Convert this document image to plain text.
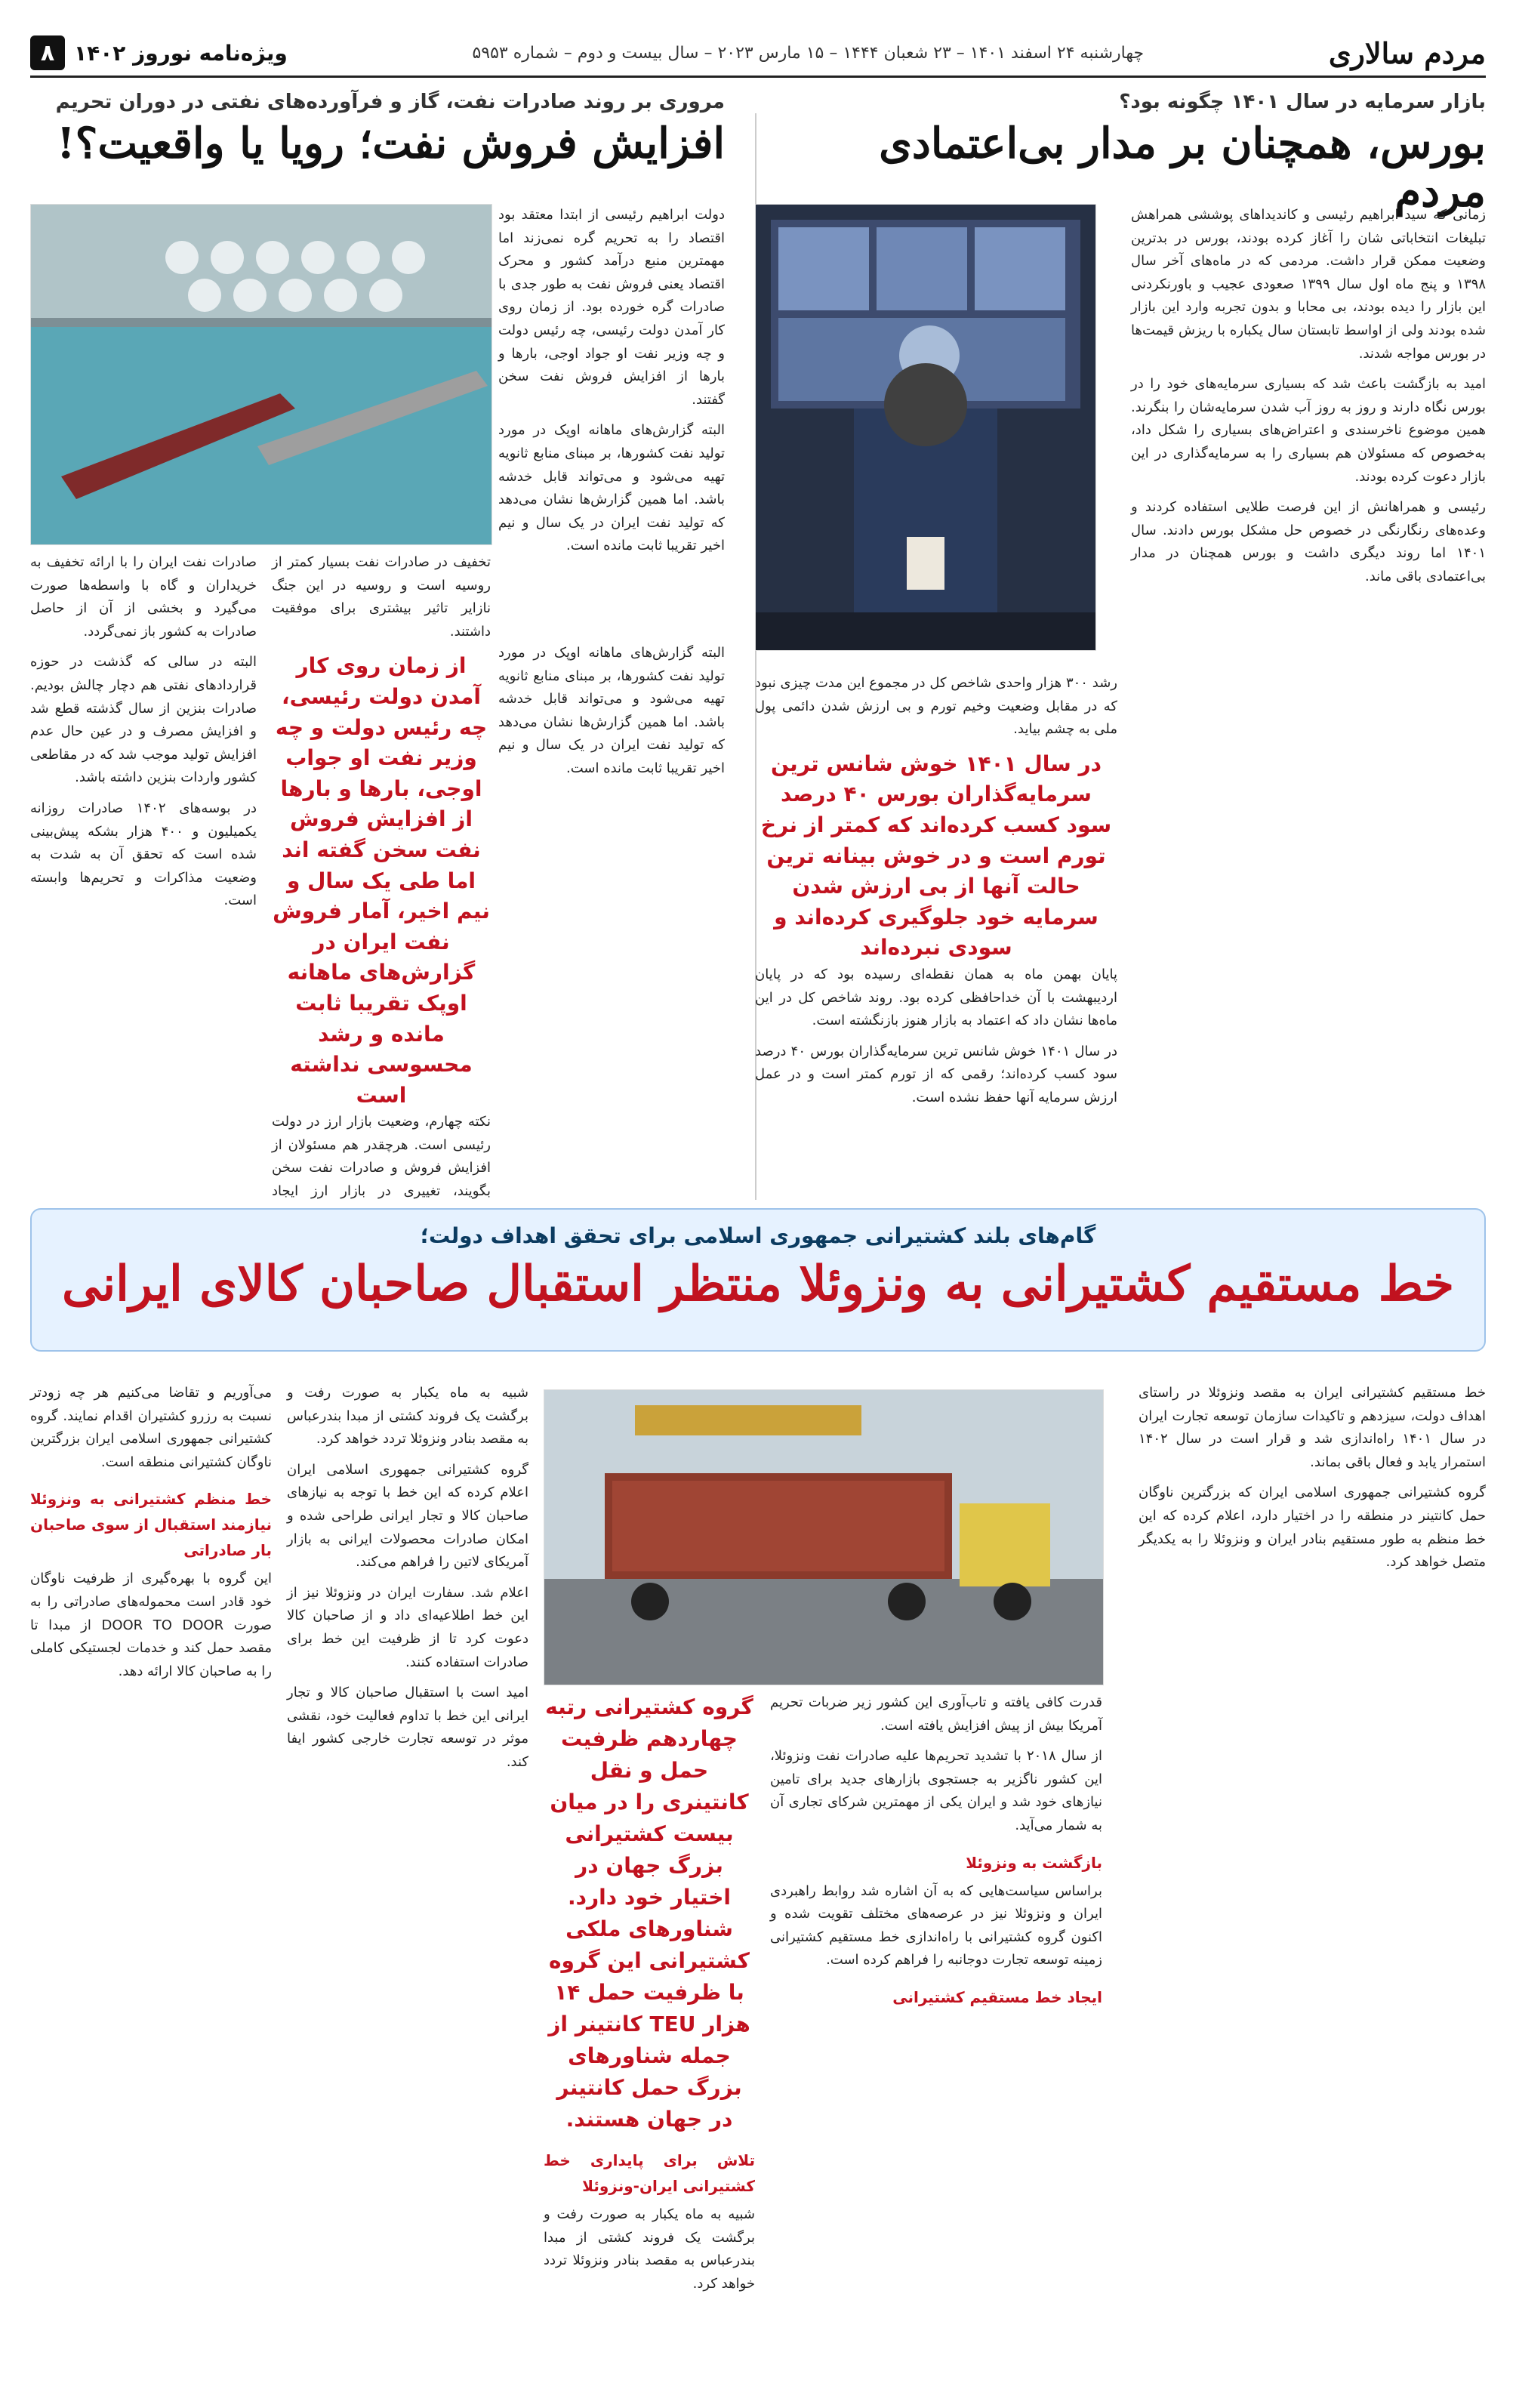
مردم سالاری
چهارشنبه ۲۴ اسفند ۱۴۰۱ – ۲۳ شعبان ۱۴۴۴ – ۱۵ مارس ۲۰۲۳ – سال بیست و دوم – شماره ۵۹۵۳
ویژه‌نامه نوروز ۱۴۰۲
۸
بازار سرمایه در سال ۱۴۰۱ چگونه بود؟
بورس، همچنان بر مدار بی‌اعتمادی مردم

زمانی که سید ابراهیم رئیسی و کاندیداهای پوششی همراهش تبلیغات انتخاباتی شان را آغاز کرده بودند، بورس در بدترین وضعیت ممکن قرار داشت. مردمی که در ماه‌های آخر سال ۱۳۹۸ و پنج ماه اول سال ۱۳۹۹ صعودی عجیب و باورنکردنی این بازار را دیده بودند، بی محابا و بدون تجربه وارد این بازار شده بودند ولی از اواسط تابستان سال یکباره با ریزش قیمت‌ها در بورس مواجه شدند.

امید به بازگشت باعث شد که بسیاری سرمایه‌های خود را در بورس نگاه دارند و روز به روز آب شدن سرمایه‌شان را بنگرند. همین موضوع ناخرسندی و اعتراض‌های بسیاری را شکل داد، به‌خصوص که مسئولان هم بسیاری را به سرمایه‌گذاری در این بازار دعوت کرده بودند.

رئیسی و همراهانش از این فرصت طلایی استفاده کردند و وعده‌های رنگارنگی در خصوص حل مشکل بورس دادند. سال ۱۴۰۱ اما روند دیگری داشت و بورس همچنان در مدار بی‌اعتمادی باقی ماند.

رشد ۳۰۰ هزار واحدی شاخص کل در مجموع این مدت چیزی نبود که در مقابل وضعیت وخیم تورم و بی ارزش شدن دائمی پول ملی به چشم بیاید.

در سال ۱۴۰۱ خوش شانس ترین سرمایه‌گذاران بورس ۴۰ درصد سود کسب کرده‌اند که کمتر از نرخ تورم است و در خوش بینانه ترین حالت آنها از بی ارزش شدن سرمایه خود جلوگیری کرده‌اند و سودی نبرده‌اند

پایان بهمن ماه به همان نقطه‌ای رسیده بود که در پایان اردیبهشت با آن خداحافظی کرده بود. روند شاخص کل در این ماه‌ها نشان داد که اعتماد به بازار هنوز بازنگشته است.

در سال ۱۴۰۱ خوش شانس ترین سرمایه‌گذاران بورس ۴۰ درصد سود کسب کرده‌اند؛ رقمی که از تورم کمتر است و در عمل ارزش سرمایه آنها حفظ نشده است.

مروری بر روند صادرات نفت، گاز و فرآورده‌های نفتی در دوران تحریم
افزایش فروش نفت؛ رویا یا واقعیت؟!

دولت ابراهیم رئیسی از ابتدا معتقد بود اقتصاد را به تحریم گره نمی‌زند اما مهمترین منبع درآمد کشور و محرک اقتصاد یعنی فروش نفت به طور جدی با صادرات گره خورده بود. از زمان روی کار آمدن دولت رئیسی، چه رئیس دولت و چه وزیر نفت او جواد اوجی، بارها و بارها از افزایش فروش نفت سخن گفتند.

البته گزارش‌های ماهانه اوپک در مورد تولید نفت کشورها، بر مبنای منابع ثانویه تهیه می‌شود و می‌تواند قابل خدشه باشد. اما همین گزارش‌ها نشان می‌دهد که تولید نفت ایران در یک سال و نیم اخیر تقریبا ثابت مانده است.

تخفیف در صادرات نفت بسیار کمتر از روسیه است و روسیه در این جنگ نازایر تاثیر بیشتری برای موفقیت داشتند.

از زمان روی کار آمدن دولت رئیسی، چه رئیس دولت و چه وزیر نفت او جواب اوجی، بارها و بارها از افزایش فروش نفت سخن گفته اند اما طی یک سال و نیم اخیر، آمار فروش نفت ایران در گزارش‌های ماهانه اوپک تقریبا ثابت مانده و رشد محسوسی نداشته است

نکته چهارم، وضعیت بازار ارز در دولت رئیسی است. هرچقدر هم مسئولان از افزایش فروش و صادرات نفت سخن بگویند، تغییری در بازار ارز ایجاد

صادرات نفت ایران را با ارائه تخفیف به خریداران و گاه با واسطه‌ها صورت می‌گیرد و بخشی از آن از حاصل صادرات به کشور باز نمی‌گردد.

البته در سالی که گذشت در حوزه قراردادهای نفتی هم دچار چالش بودیم. صادرات بنزین از سال گذشته قطع شد و افزایش مصرف و در عین حال عدم افزایش تولید موجب شد که در مقاطعی کشور واردات بنزین داشته باشد.

در بوسه‌های ۱۴۰۲ صادرات روزانه یکمیلیون و ۴۰۰ هزار بشکه پیش‌بینی شده است که تحقق آن به شدت به وضعیت مذاکرات و تحریم‌ها وابسته است.

البته گزارش‌های ماهانه اوپک در مورد تولید نفت کشورها، بر مبنای منابع ثانویه تهیه می‌شود و می‌تواند قابل خدشه باشد. اما همین گزارش‌ها نشان می‌دهد که تولید نفت ایران در یک سال و نیم اخیر تقریبا ثابت مانده است.

گام‌های بلند کشتیرانی جمهوری اسلامی برای تحقق اهداف دولت؛
خط مستقیم کشتیرانی به ونزوئلا منتظر استقبال صاحبان کالای ایرانی

خط مستقیم کشتیرانی ایران به مقصد ونزوئلا در راستای اهداف دولت، سیزدهم و تاکیدات سازمان توسعه تجارت ایران در سال ۱۴۰۱ راه‌اندازی شد و قرار است در سال ۱۴۰۲ استمرار یابد و فعال باقی بماند.

گروه کشتیرانی جمهوری اسلامی ایران که بزرگترین ناوگان حمل کانتینر در منطقه را در اختیار دارد، اعلام کرده که این خط منظم به طور مستقیم بنادر ایران و ونزوئلا را به یکدیگر متصل خواهد کرد.

قدرت کافی یافته و تاب‌آوری این کشور زیر ضربات تحریم آمریکا بیش از پیش افزایش یافته است.

از سال ۲۰۱۸ با تشدید تحریم‌ها علیه صادرات نفت ونزوئلا، این کشور ناگزیر به جستجوی بازارهای جدید برای تامین نیازهای خود شد و ایران یکی از مهمترین شرکای تجاری آن به شمار می‌آید.

بازگشت به ونزوئلا

براساس سیاست‌هایی که به آن اشاره شد روابط راهبردی ایران و ونزوئلا نیز در عرصه‌های مختلف تقویت شده و اکنون گروه کشتیرانی با راه‌اندازی خط مستقیم کشتیرانی زمینه توسعه تجارت دوجانبه را فراهم کرده است.

ایجاد خط مستقیم کشتیرانی
گروه کشتیرانی رتبه چهاردهم ظرفیت حمل و نقل کانتینری را در میان بیست کشتیرانی بزرگ جهان در اختیار خود دارد. شناورهای ملکی کشتیرانی این گروه با ظرفیت حمل ۱۴ هزار TEU کانتینر از جمله شناورهای بزرگ حمل کانتینر در جهان هستند.
تلاش برای پایداری خط کشتیرانی ایران-ونزوئلا

شبیه به ماه یکبار به صورت رفت و برگشت یک فروند کشتی از مبدا بندرعباس به مقصد بنادر ونزوئلا تردد خواهد کرد.

شبیه به ماه یکبار به صورت رفت و برگشت یک فروند کشتی از مبدا بندرعباس به مقصد بنادر ونزوئلا تردد خواهد کرد.

گروه کشتیرانی جمهوری اسلامی ایران اعلام کرده که این خط با توجه به نیازهای صاحبان کالا و تجار ایرانی طراحی شده و امکان صادرات محصولات ایرانی به بازار آمریکای لاتین را فراهم می‌کند.

اعلام شد. سفارت ایران در ونزوئلا نیز از این خط اطلاعیه‌ای داد و از صاحبان کالا دعوت کرد تا از ظرفیت این خط برای صادرات استفاده کنند.

امید است با استقبال صاحبان کالا و تجار ایرانی این خط با تداوم فعالیت خود، نقشی موثر در توسعه تجارت خارجی کشور ایفا کند.

می‌آوریم و تقاضا می‌کنیم هر چه زودتر نسبت به رزرو کشتیران اقدام نمایند. گروه کشتیرانی جمهوری اسلامی ایران بزرگترین ناوگان کشتیرانی منطقه است.

خط منظم کشتیرانی به ونزوئلا نیازمند استقبال از سوی صاحبان بار صادراتی

این گروه با بهره‌گیری از ظرفیت ناوگان خود قادر است محموله‌های صادراتی را به صورت DOOR TO DOOR از مبدا تا مقصد حمل کند و خدمات لجستیکی کاملی را به صاحبان کالا ارائه دهد.
